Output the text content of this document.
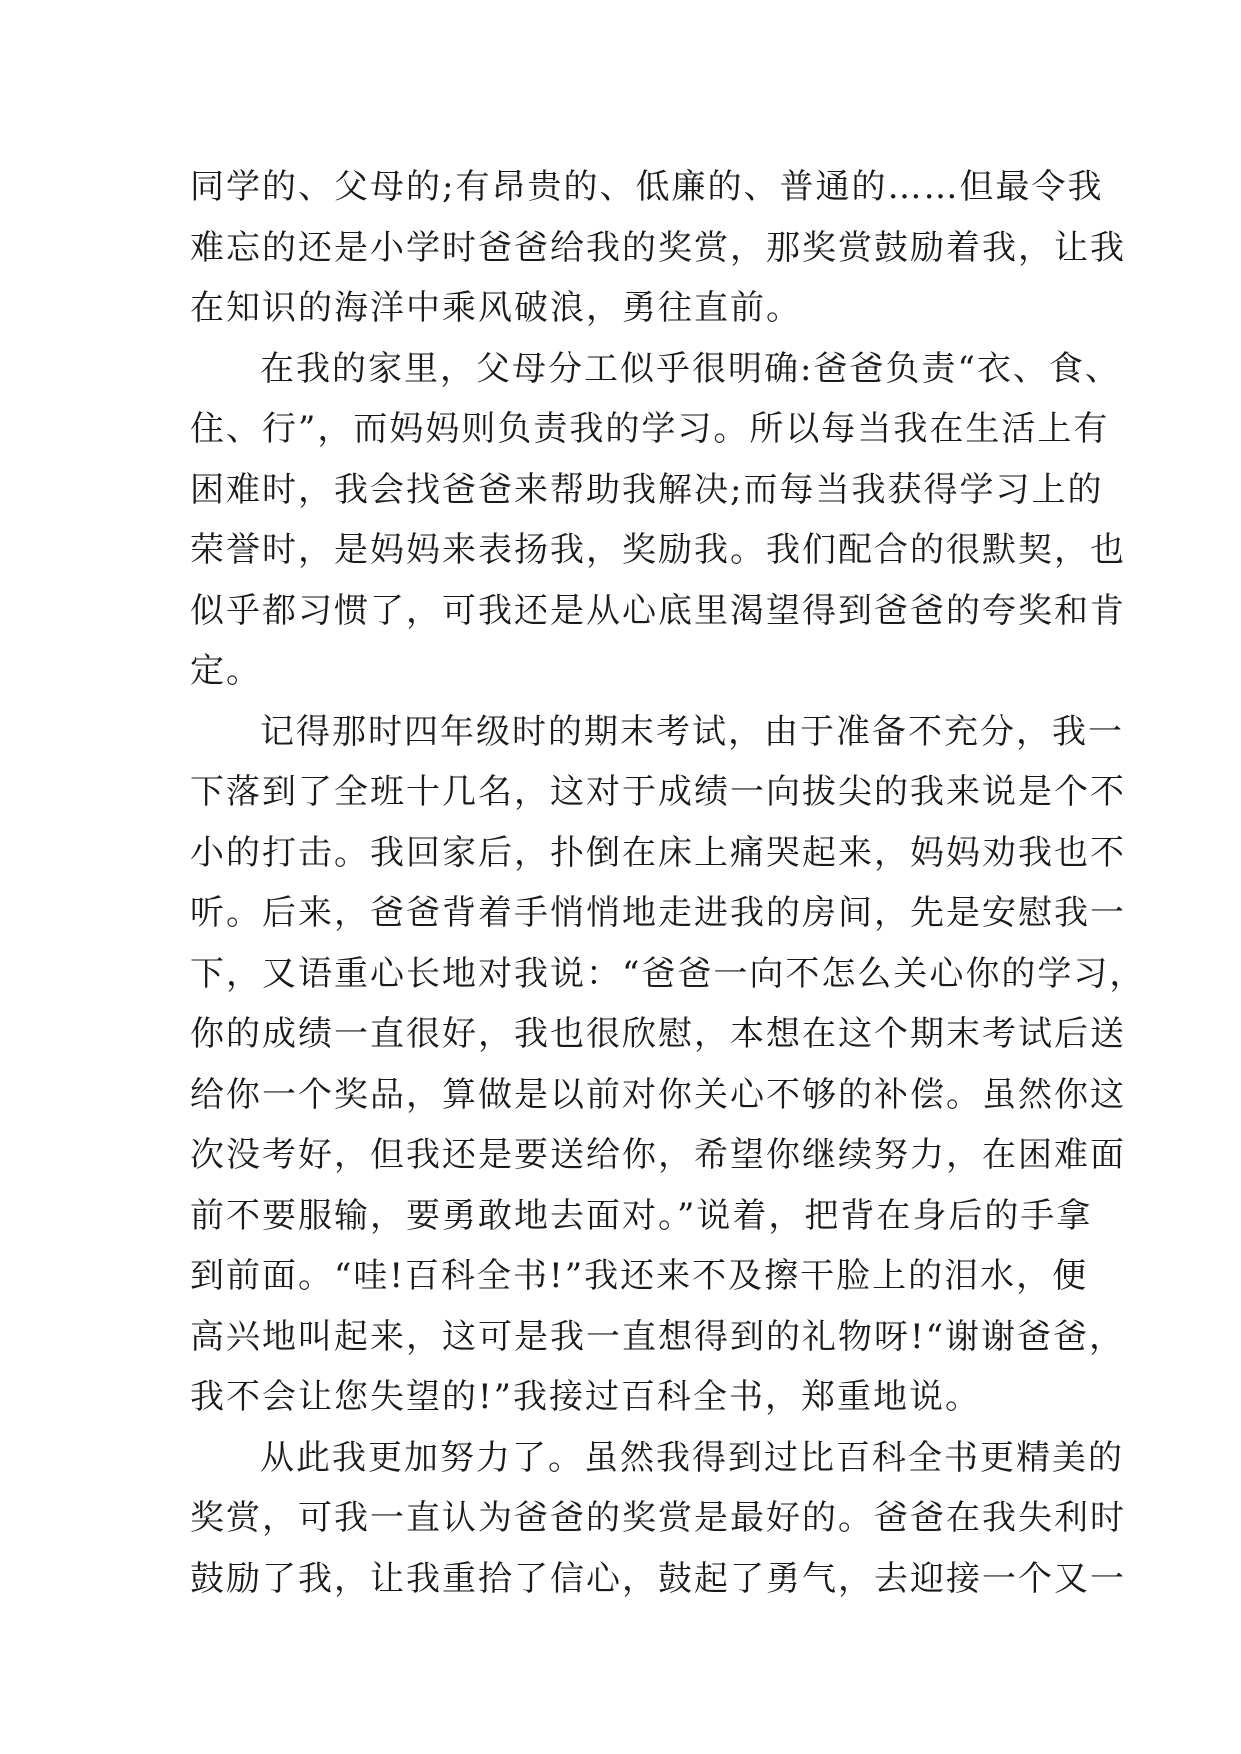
同学的、父母的;有昂贵的、低廉的、普通的……但最令我
难忘的还是小学时爸爸给我的奖赏，那奖赏鼓励着我，让我
在知识的海洋中乘风破浪，勇往直前。
在我的家里，父母分工似乎很明确:爸爸负责“衣、食、
住、行”，而妈妈则负责我的学习。所以每当我在生活上有
困难时，我会找爸爸来帮助我解决;而每当我获得学习上的
荣誉时，是妈妈来表扬我，奖励我。我们配合的很默契，也
似乎都习惯了，可我还是从心底里渴望得到爸爸的夸奖和肯
定。
记得那时四年级时的期末考试，由于准备不充分，我一
下落到了全班十几名，这对于成绩一向拔尖的我来说是个不
小的打击。我回家后，扑倒在床上痛哭起来，妈妈劝我也不
听。后来，爸爸背着手悄悄地走进我的房间，先是安慰我一
下，又语重心长地对我说：“爸爸一向不怎么关心你的学习，
你的成绩一直很好，我也很欣慰，本想在这个期末考试后送
给你一个奖品，算做是以前对你关心不够的补偿。虽然你这
次没考好，但我还是要送给你，希望你继续努力，在困难面
前不要服输，要勇敢地去面对。”说着，把背在身后的手拿
到前面。“哇!百科全书!”我还来不及擦干脸上的泪水，便
高兴地叫起来，这可是我一直想得到的礼物呀!“谢谢爸爸，
我不会让您失望的!”我接过百科全书，郑重地说。
从此我更加努力了。虽然我得到过比百科全书更精美的
奖赏，可我一直认为爸爸的奖赏是最好的。爸爸在我失利时
鼓励了我，让我重拾了信心，鼓起了勇气，去迎接一个又一
